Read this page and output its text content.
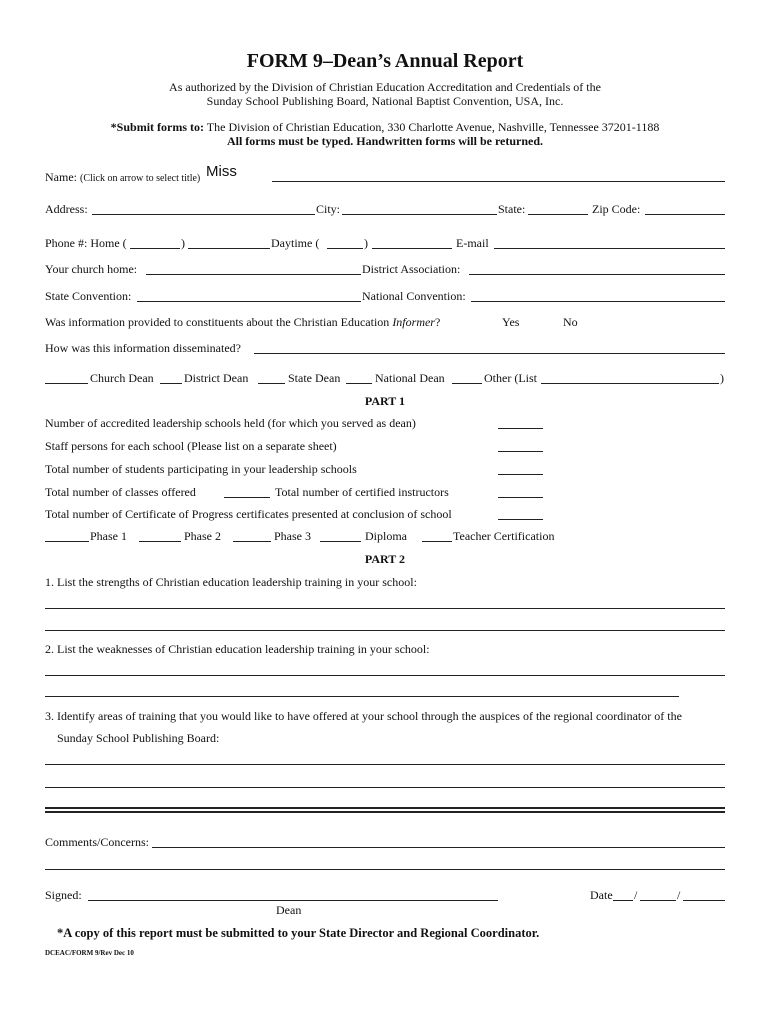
FORM 9–Dean’s Annual Report
As authorized by the Division of Christian Education Accreditation and Credentials of the
Sunday School Publishing Board, National Baptist Convention, USA, Inc.
*Submit forms to: The Division of Christian Education, 330 Charlotte Avenue, Nashville, Tennessee 37201-1188
All forms must be typed. Handwritten forms will be returned.
Name: (Click on arrow to select title) Miss
Address:	City:	State:	Zip Code:
Phone #: Home (	)	Daytime (	)	E-mail
Your church home:	District Association:
State Convention:	National Convention:
Was information provided to constituents about the Christian Education Informer?	Yes	No
How was this information disseminated?
Church Dean	District Dean	State Dean	National Dean	Other (List	)
PART 1
Number of accredited leadership schools held (for which you served as dean)
Staff persons for each school (Please list on a separate sheet)
Total number of students participating in your leadership schools
Total number of classes offered	Total number of certified instructors
Total number of Certificate of Progress certificates presented at conclusion of school
Phase 1	Phase 2	Phase 3	Diploma	Teacher Certification
PART 2
1. List the strengths of Christian education leadership training in your school:
2. List the weaknesses of Christian education leadership training in your school:
3. Identify areas of training that you would like to have offered at your school through the auspices of the regional coordinator of the
Sunday School Publishing Board:
Comments/Concerns:
Signed:
Dean
Date /	/
*A copy of this report must be submitted to your State Director and Regional Coordinator.
DCEAC/FORM 9/Rev Dec 10
